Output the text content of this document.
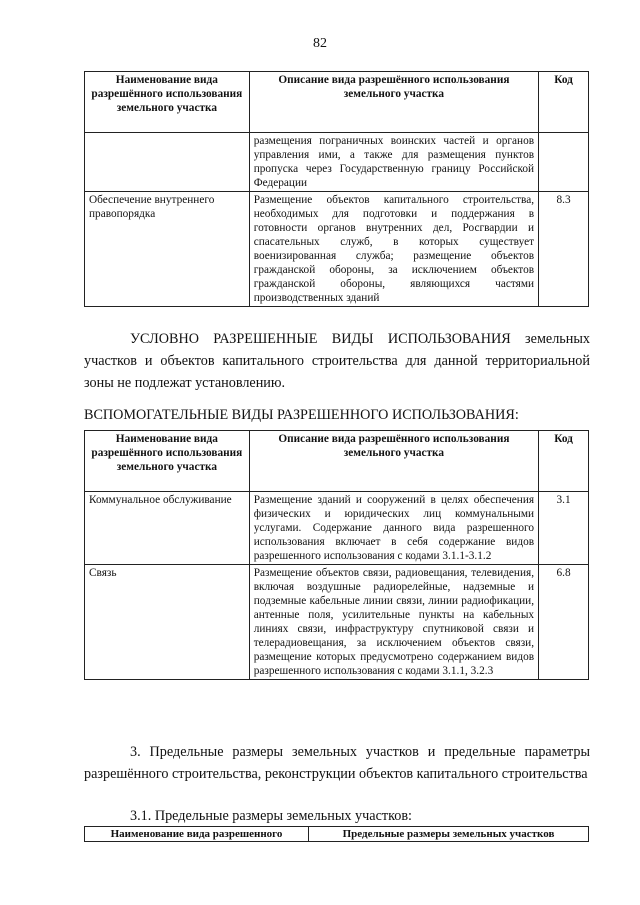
82
Наименование вида разрешённого использования земельного участка	Описание вида разрешённого использования земельного участка	Код
	размещения пограничных воинских частей и органов управления ими, а также для размещения пунктов пропуска через Государственную границу Российской Федерации	
Обеспечение внутреннего правопорядка	Размещение объектов капитального строительства, необходимых для подготовки и поддержания в готовности органов внутренних дел, Росгвардии и спасательных служб, в которых существует военизированная служба; размещение объектов гражданской обороны, за исключением объектов гражданской обороны, являющихся частями производственных зданий	8.3
УСЛОВНО РАЗРЕШЕННЫЕ ВИДЫ ИСПОЛЬЗОВАНИЯ земельных участков и объектов капитального строительства для данной территориальной зоны не подлежат установлению.
ВСПОМОГАТЕЛЬНЫЕ ВИДЫ РАЗРЕШЕННОГО ИСПОЛЬЗОВАНИЯ:
Наименование вида разрешённого использования земельного участка	Описание вида разрешённого использования земельного участка	Код
Коммунальное обслуживание	Размещение зданий и сооружений в целях обеспечения физических и юридических лиц коммунальными услугами. Содержание данного вида разрешенного использования включает в себя содержание видов разрешенного использования с кодами 3.1.1-3.1.2	3.1
Связь	Размещение объектов связи, радиовещания, телевидения, включая воздушные радиорелейные, надземные и подземные кабельные линии связи, линии радиофикации, антенные поля, усилительные пункты на кабельных линиях связи, инфраструктуру спутниковой связи и телерадиовещания, за исключением объектов связи, размещение которых предусмотрено содержанием видов разрешенного использования с кодами 3.1.1, 3.2.3	6.8
3. Предельные размеры земельных участков и предельные параметры разрешённого строительства, реконструкции объектов капитального строительства
3.1. Предельные размеры земельных участков:
Наименование вида разрешенного	Предельные размеры земельных участков
